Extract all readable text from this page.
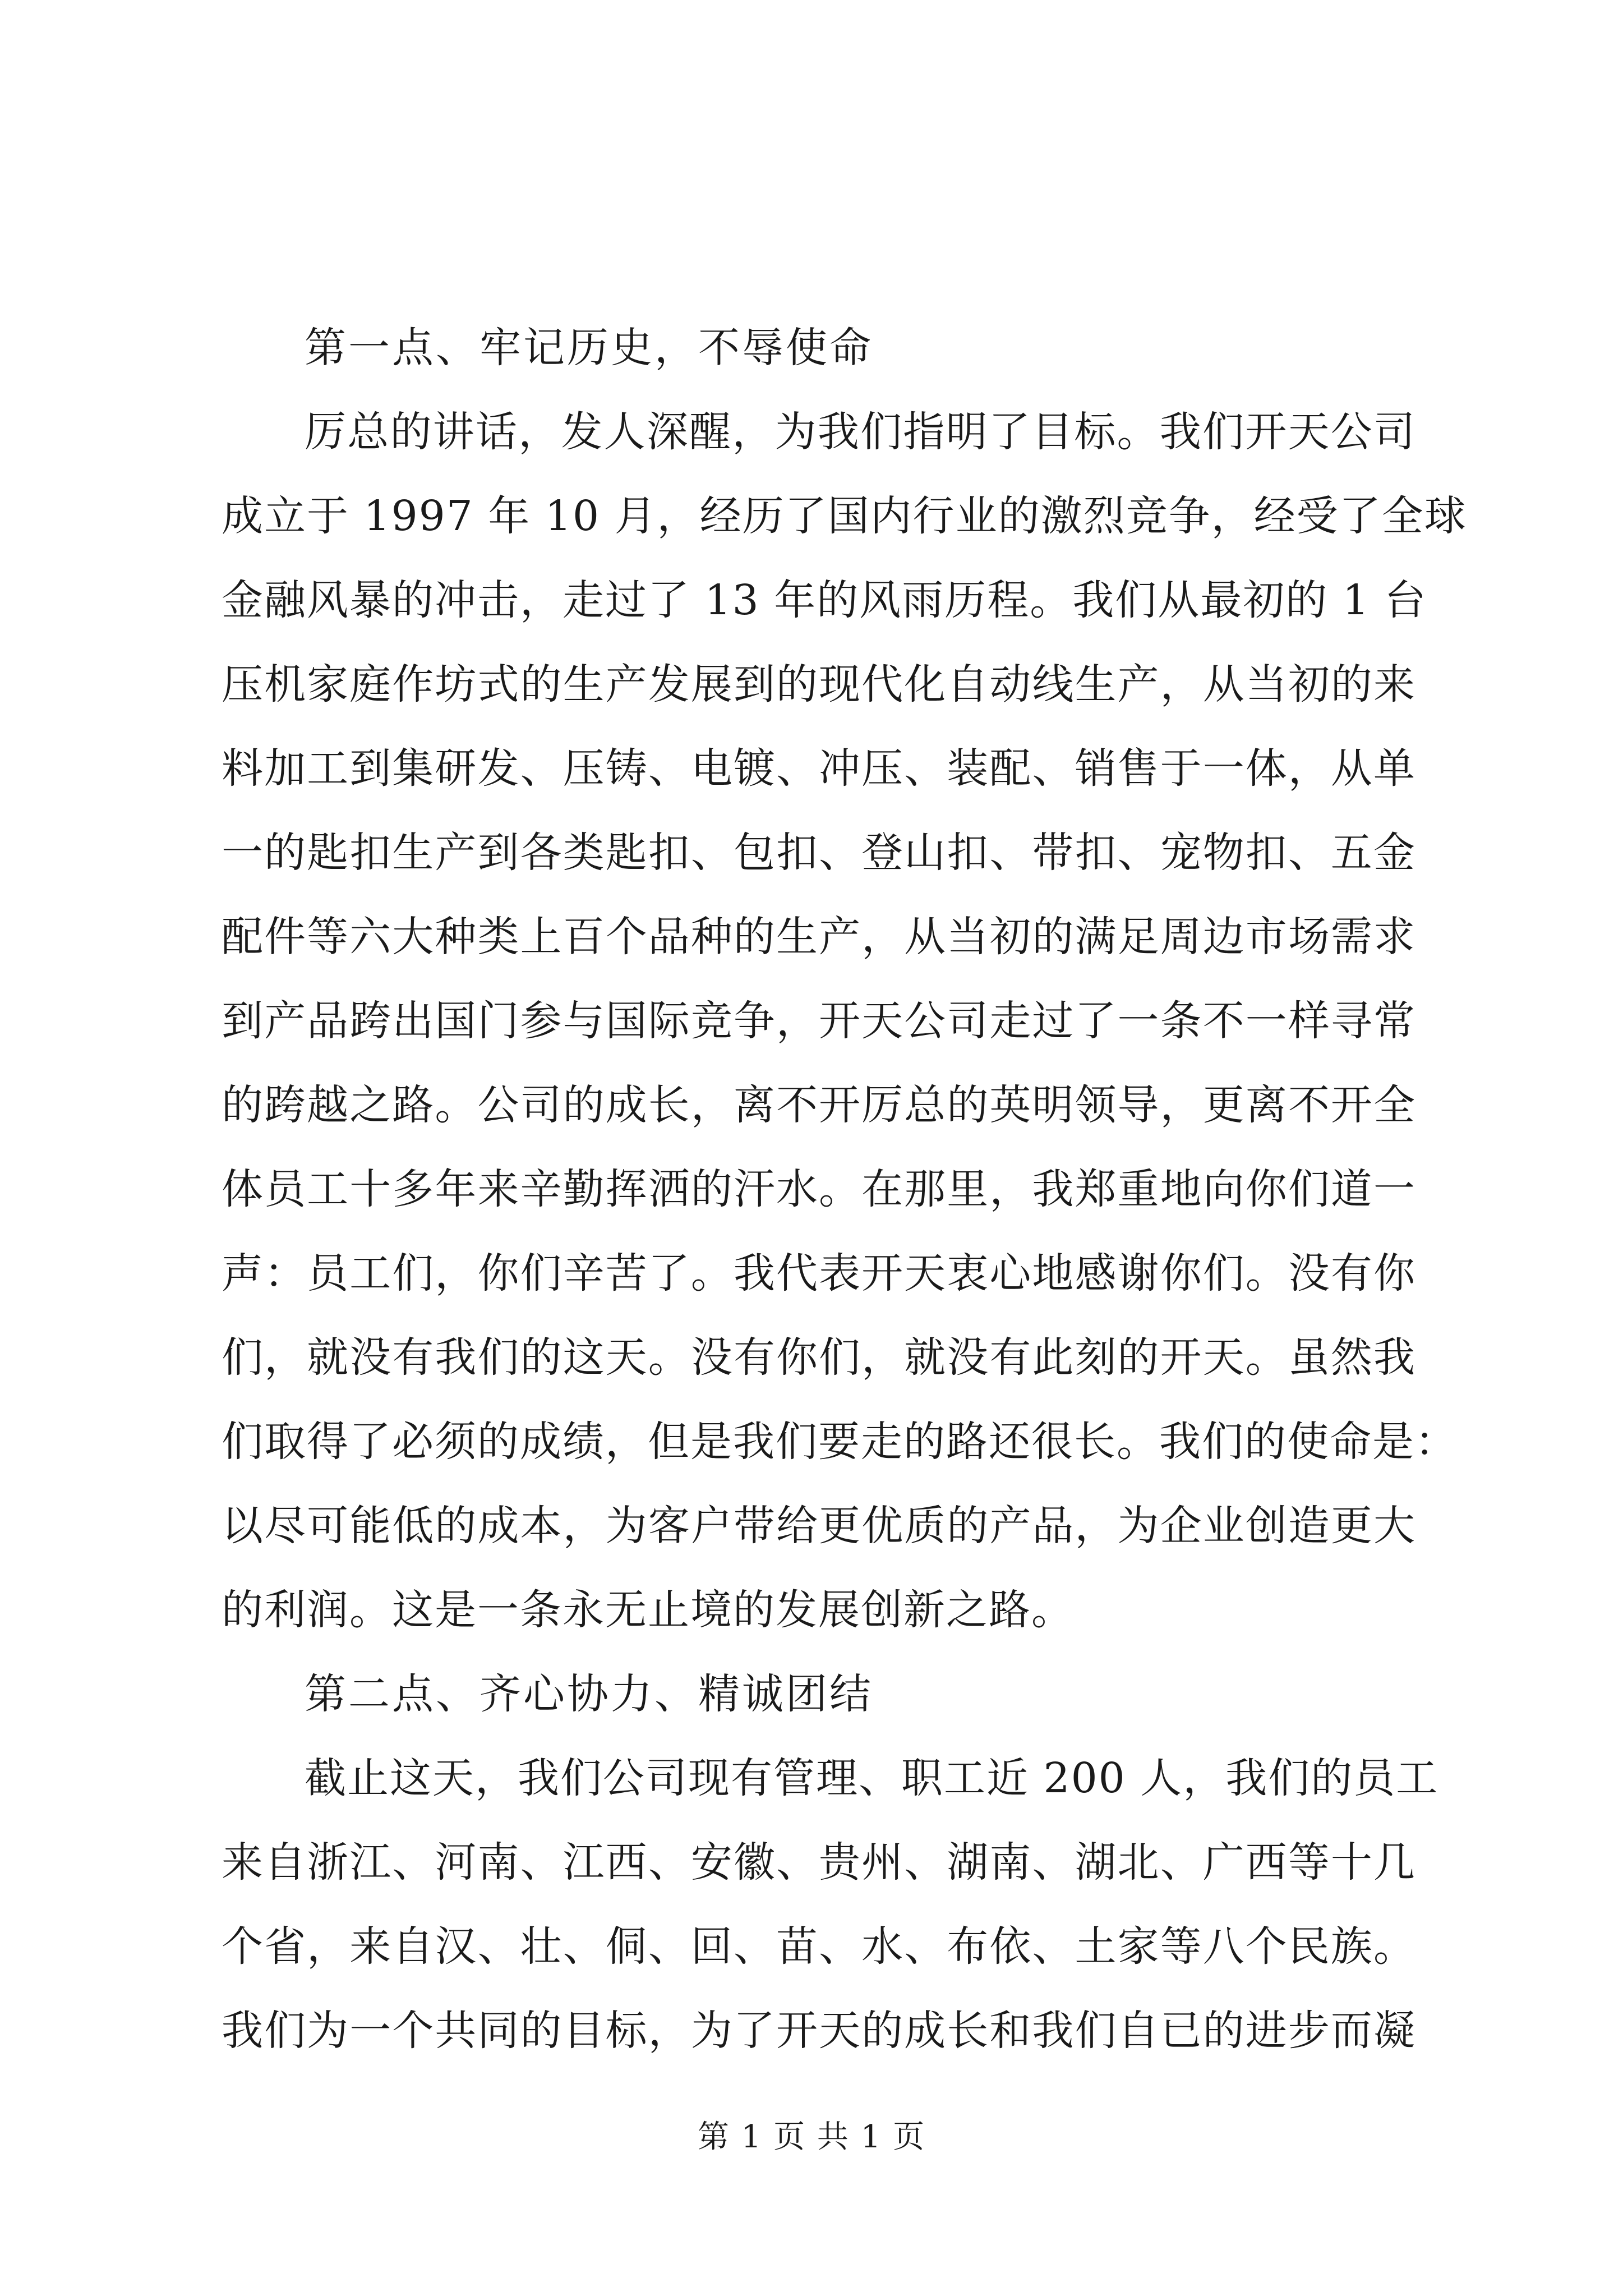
第一点、牢记历史，不辱使命
厉总的讲话，发人深醒，为我们指明了目标。我们开天公司
成立于 1997 年 10 月，经历了国内行业的激烈竞争，经受了全球
金融风暴的冲击，走过了 13 年的风雨历程。我们从最初的 1 台
压机家庭作坊式的生产发展到的现代化自动线生产，从当初的来
料加工到集研发、压铸、电镀、冲压、装配、销售于一体，从单
一的匙扣生产到各类匙扣、包扣、登山扣、带扣、宠物扣、五金
配件等六大种类上百个品种的生产，从当初的满足周边市场需求
到产品跨出国门参与国际竞争，开天公司走过了一条不一样寻常
的跨越之路。公司的成长，离不开厉总的英明领导，更离不开全
体员工十多年来辛勤挥洒的汗水。在那里，我郑重地向你们道一
声：员工们，你们辛苦了。我代表开天衷心地感谢你们。没有你
们，就没有我们的这天。没有你们，就没有此刻的开天。虽然我
们取得了必须的成绩，但是我们要走的路还很长。我们的使命是：
以尽可能低的成本，为客户带给更优质的产品，为企业创造更大
的利润。这是一条永无止境的发展创新之路。
第二点、齐心协力、精诚团结
截止这天，我们公司现有管理、职工近 200 人，我们的员工
来自浙江、河南、江西、安徽、贵州、湖南、湖北、广西等十几
个省，来自汉、壮、侗、回、苗、水、布依、土家等八个民族。
我们为一个共同的目标，为了开天的成长和我们自已的进步而凝
第 1 页 共 1 页
